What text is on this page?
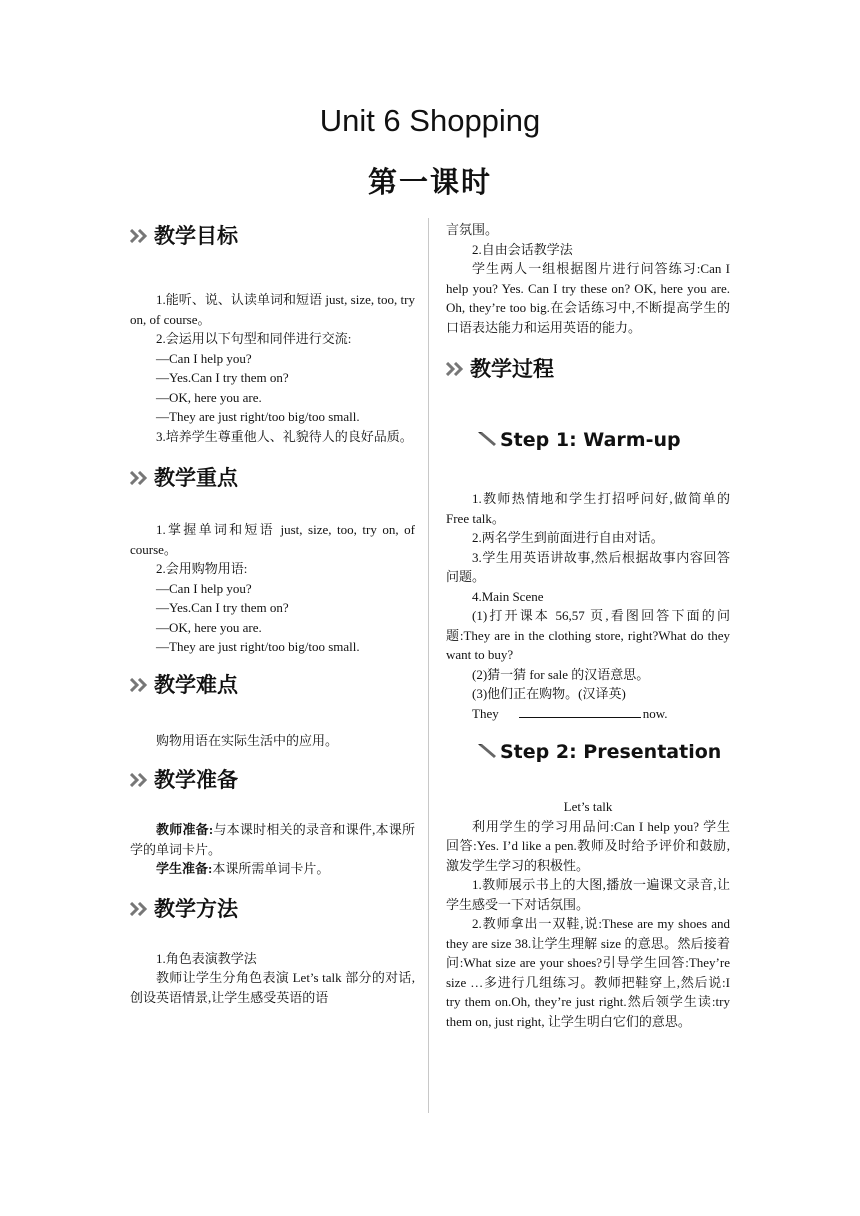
Unit 6 Shopping
第一课时
教学目标

1.能听、说、认读单词和短语 just, size, too, try on, of course。

2.会运用以下句型和同伴进行交流:

—Can I help you?

—Yes.Can I try them on?

—OK, here you are.

—They are just right/too big/too small.

3.培养学生尊重他人、礼貌待人的良好品质。

教学重点

1.掌握单词和短语 just, size, too, try on, of course。

2.会用购物用语:

—Can I help you?

—Yes.Can I try them on?

—OK, here you are.

—They are just right/too big/too small.

教学难点

购物用语在实际生活中的应用。

教学准备

教师准备:与本课时相关的录音和课件,本课所学的单词卡片。

学生准备:本课所需单词卡片。

教学方法

1.角色表演教学法

教师让学生分角色表演 Let’s talk 部分的对话,创设英语情景,让学生感受英语的语

言氛围。

2.自由会话教学法

学生两人一组根据图片进行问答练习:Can I help you? Yes. Can I try these on? OK, here you are. Oh, they’re too big.在会话练习中,不断提高学生的口语表达能力和运用英语的能力。

教学过程
Step 1: Warm-up

1.教师热情地和学生打招呼问好,做简单的 Free talk。

2.两名学生到前面进行自由对话。

3.学生用英语讲故事,然后根据故事内容回答问题。

4.Main Scene

(1)打开课本 56,57 页,看图回答下面的问题:They are in the clothing store, right?What do they want to buy?

(2)猜一猜 for sale 的汉语意思。

(3)他们正在购物。(汉译英)

They	now.

Step 2: Presentation

Let’s talk

利用学生的学习用品问:Can I help you? 学生回答:Yes. I’d like a pen.教师及时给予评价和鼓励,激发学生学习的积极性。

1.教师展示书上的大图,播放一遍课文录音,让学生感受一下对话氛围。

2.教师拿出一双鞋,说:These are my shoes and they are size 38.让学生理解 size 的意思。然后接着问:What size are your shoes?引导学生回答:They’re size …多进行几组练习。教师把鞋穿上,然后说:I try them on.Oh, they’re just right.然后领学生读:try them on, just right, 让学生明白它们的意思。
